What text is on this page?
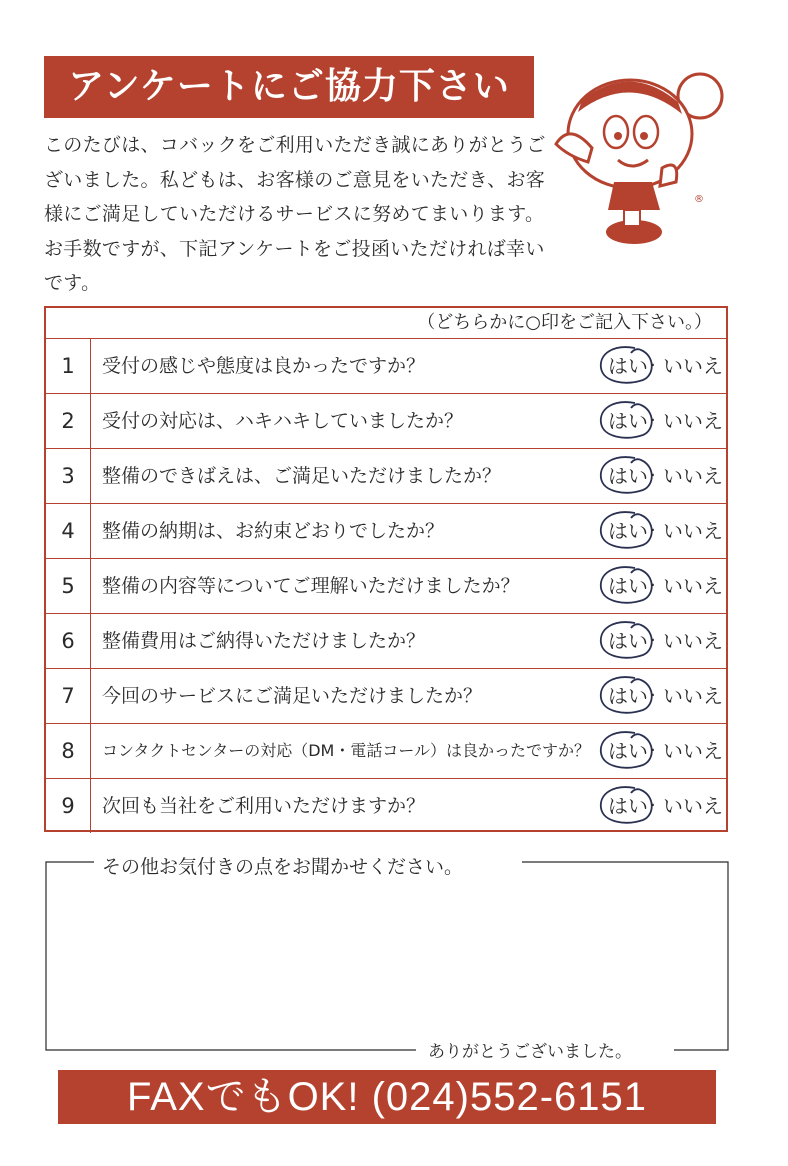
アンケートにご協力下さい
このたびは、コバックをご利用いただき誠にありがとうございました。私どもは、お客様のご意見をいただき、お客様にご満足していただけるサービスに努めてまいります。お手数ですが、下記アンケートをご投函いただければ幸いです。
®
（どちらかに○印をご記入下さい。）
1	受付の感じや態度は良かったですか？	はい · いいえ
2	受付の対応は、ハキハキしていましたか？	はい · いいえ
3	整備のできばえは、ご満足いただけましたか？	はい · いいえ
4	整備の納期は、お約束どおりでしたか？	はい · いいえ
5	整備の内容等についてご理解いただけましたか？	はい · いいえ
6	整備費用はご納得いただけましたか？	はい · いいえ
7	今回のサービスにご満足いただけましたか？	はい · いいえ
8	コンタクトセンターの対応（DM・電話コール）は良かったですか？ はい · いいえ
9	次回も当社をご利用いただけますか？	はい · いいえ
その他お気付きの点をお聞かせください。
ありがとうございました。
FAXでもOK! (024)552-6151
